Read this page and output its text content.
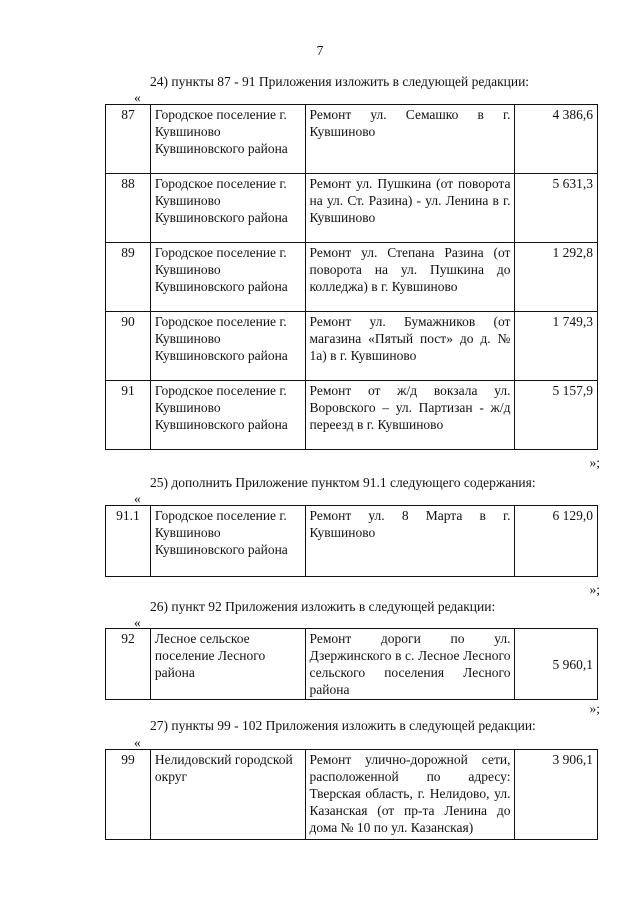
7
24) пункты 87 - 91 Приложения изложить в следующей редакции:
«
87	Городское поселение г. Кувшиново Кувшиновского района	Ремонт ул. Семашко в г. Кувшиново	4 386,6
88	Городское поселение г. Кувшиново Кувшиновского района	Ремонт ул. Пушкина (от поворота на ул. Ст. Разина) - ул. Ленина в г. Кувшиново	5 631,3
89	Городское поселение г. Кувшиново Кувшиновского района	Ремонт ул. Степана Разина (от поворота на ул. Пушкина до колледжа) в г. Кувшиново	1 292,8
90	Городское поселение г. Кувшиново Кувшиновского района	Ремонт ул. Бумажников (от магазина «Пятый пост» до д. № 1а) в г. Кувшиново	1 749,3
91	Городское поселение г. Кувшиново Кувшиновского района	Ремонт от ж/д вокзала ул. Воровского – ул. Партизан - ж/д переезд в г. Кувшиново	5 157,9
»;
25) дополнить Приложение пунктом 91.1 следующего содержания:
«
91.1	Городское поселение г. Кувшиново Кувшиновского района	Ремонт ул. 8 Марта в г. Кувшиново	6 129,0
»;
26) пункт 92 Приложения изложить в следующей редакции:
«
92	Лесное сельское поселение Лесного района	Ремонт дороги по ул. Дзержинского в с. Лесное Лесного сельского поселения Лесного района	5 960,1
»;
27) пункты 99 - 102 Приложения изложить в следующей редакции:
«
99	Нелидовский городской округ	Ремонт улично-дорожной сети, расположенной по адресу: Тверская область, г. Нелидово, ул. Казанская (от пр-та Ленина до дома № 10 по ул. Казанская)	3 906,1
